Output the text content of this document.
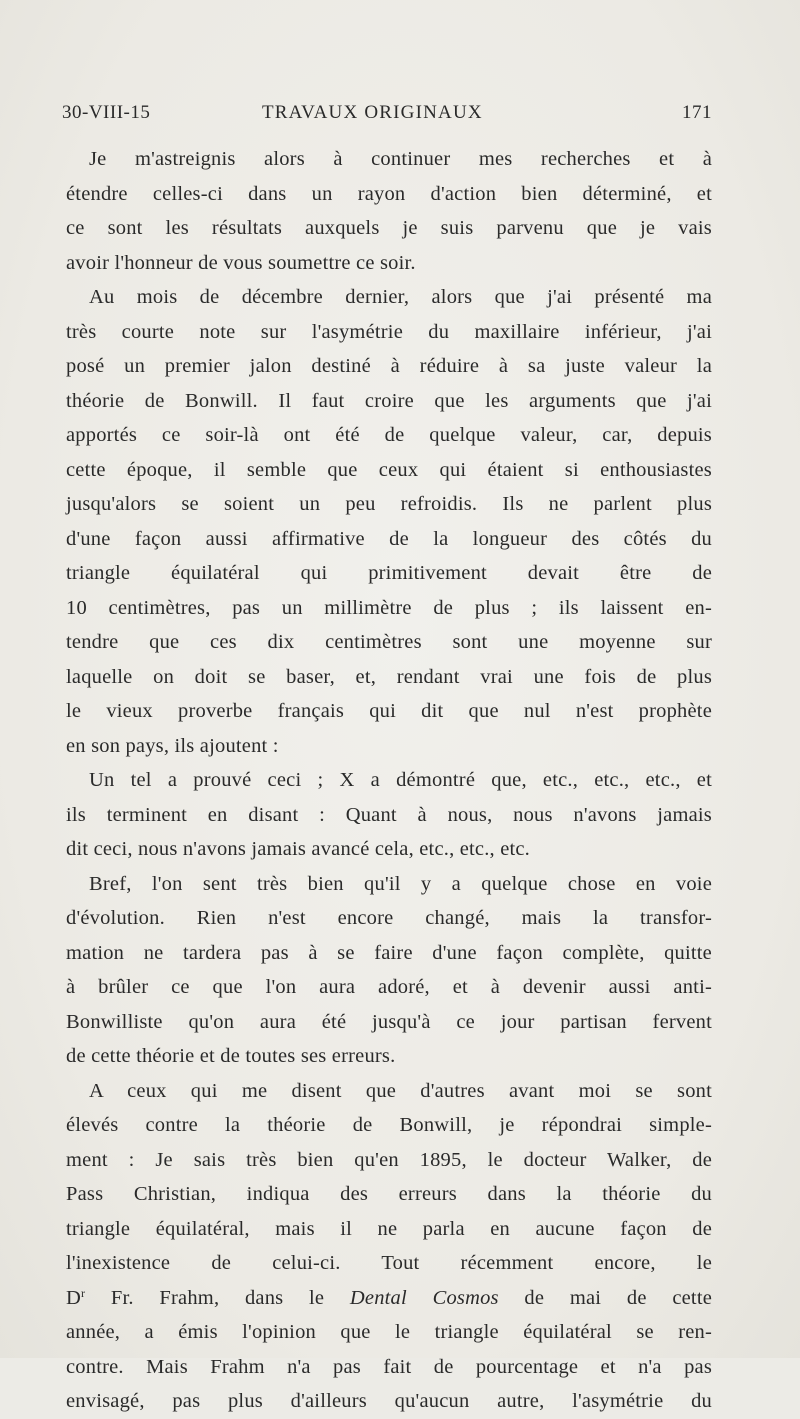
30-VIII-15	TRAVAUX ORIGINAUX	171
Je m'astreignis alors à continuer mes recherches et à
étendre celles-ci dans un rayon d'action bien déterminé, et
ce sont les résultats auxquels je suis parvenu que je vais
avoir l'honneur de vous soumettre ce soir.
Au mois de décembre dernier, alors que j'ai présenté ma
très courte note sur l'asymétrie du maxillaire inférieur, j'ai
posé un premier jalon destiné à réduire à sa juste valeur la
théorie de Bonwill. Il faut croire que les arguments que j'ai
apportés ce soir-là ont été de quelque valeur, car, depuis
cette époque, il semble que ceux qui étaient si enthousiastes
jusqu'alors se soient un peu refroidis. Ils ne parlent plus
d'une façon aussi affirmative de la longueur des côtés du
triangle équilatéral qui primitivement devait être de
10 centimètres, pas un millimètre de plus ; ils laissent en-
tendre que ces dix centimètres sont une moyenne sur
laquelle on doit se baser, et, rendant vrai une fois de plus
le vieux proverbe français qui dit que nul n'est prophète
en son pays, ils ajoutent :
Un tel a prouvé ceci ; X a démontré que, etc., etc., etc., et
ils terminent en disant : Quant à nous, nous n'avons jamais
dit ceci, nous n'avons jamais avancé cela, etc., etc., etc.
Bref, l'on sent très bien qu'il y a quelque chose en voie
d'évolution. Rien n'est encore changé, mais la transfor-
mation ne tardera pas à se faire d'une façon complète, quitte
à brûler ce que l'on aura adoré, et à devenir aussi anti-
Bonwilliste qu'on aura été jusqu'à ce jour partisan fervent
de cette théorie et de toutes ses erreurs.
A ceux qui me disent que d'autres avant moi se sont
élevés contre la théorie de Bonwill, je répondrai simple-
ment : Je sais très bien qu'en 1895, le docteur Walker, de
Pass Christian, indiqua des erreurs dans la théorie du
triangle équilatéral, mais il ne parla en aucune façon de
l'inexistence de celui-ci. Tout récemment encore, le
$D^r$ Fr. Frahm, dans le Dental Cosmos de mai de cette
année, a émis l'opinion que le triangle équilatéral se ren-
contre. Mais Frahm n'a pas fait de pourcentage et n'a pas
envisagé, pas plus d'ailleurs qu'aucun autre, l'asymétrie du
